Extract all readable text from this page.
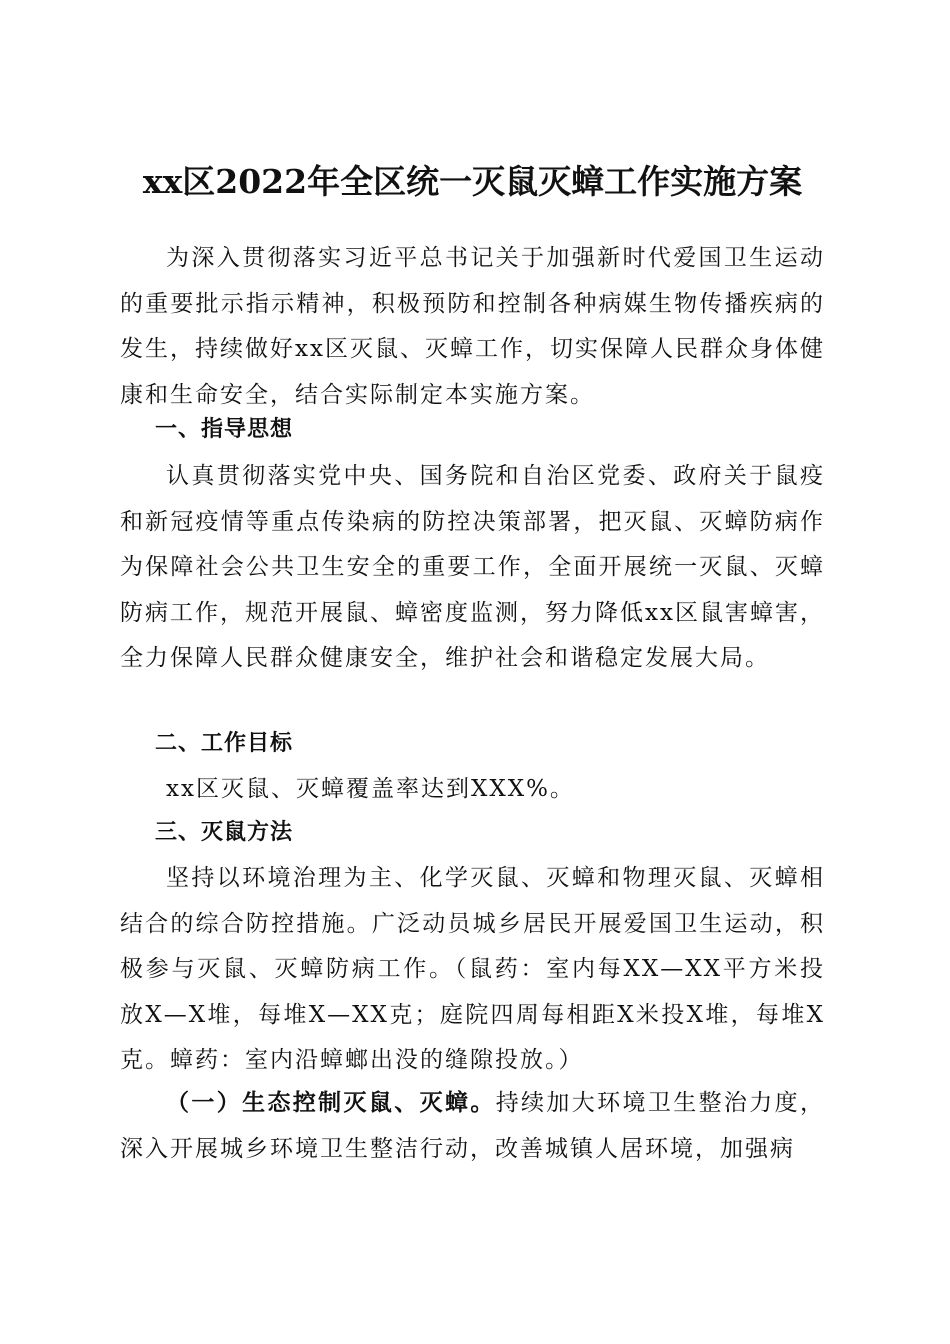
xx区2022年全区统一灭鼠灭蟑工作实施方案

为深入贯彻落实习近平总书记关于加强新时代爱国卫生运动的重要批示指示精神，积极预防和控制各种病媒生物传播疾病的发生，持续做好xx区灭鼠、灭蟑工作，切实保障人民群众身体健康和生命安全，结合实际制定本实施方案。

一、指导思想

认真贯彻落实党中央、国务院和自治区党委、政府关于鼠疫和新冠疫情等重点传染病的防控决策部署，把灭鼠、灭蟑防病作为保障社会公共卫生安全的重要工作，全面开展统一灭鼠、灭蟑防病工作，规范开展鼠、蟑密度监测，努力降低xx区鼠害蟑害，全力保障人民群众健康安全，维护社会和谐稳定发展大局。

二、工作目标

xx区灭鼠、灭蟑覆盖率达到XXX%。

三、灭鼠方法

坚持以环境治理为主、化学灭鼠、灭蟑和物理灭鼠、灭蟑相结合的综合防控措施。广泛动员城乡居民开展爱国卫生运动，积极参与灭鼠、灭蟑防病工作。（鼠药：室内每XX—XX平方米投放X—X堆，每堆X—XX克；庭院四周每相距X米投X堆，每堆X克。蟑药：室内沿蟑螂出没的缝隙投放。）

（一）生态控制灭鼠、灭蟑。持续加大环境卫生整治力度，深入开展城乡环境卫生整洁行动，改善城镇人居环境，加强病
